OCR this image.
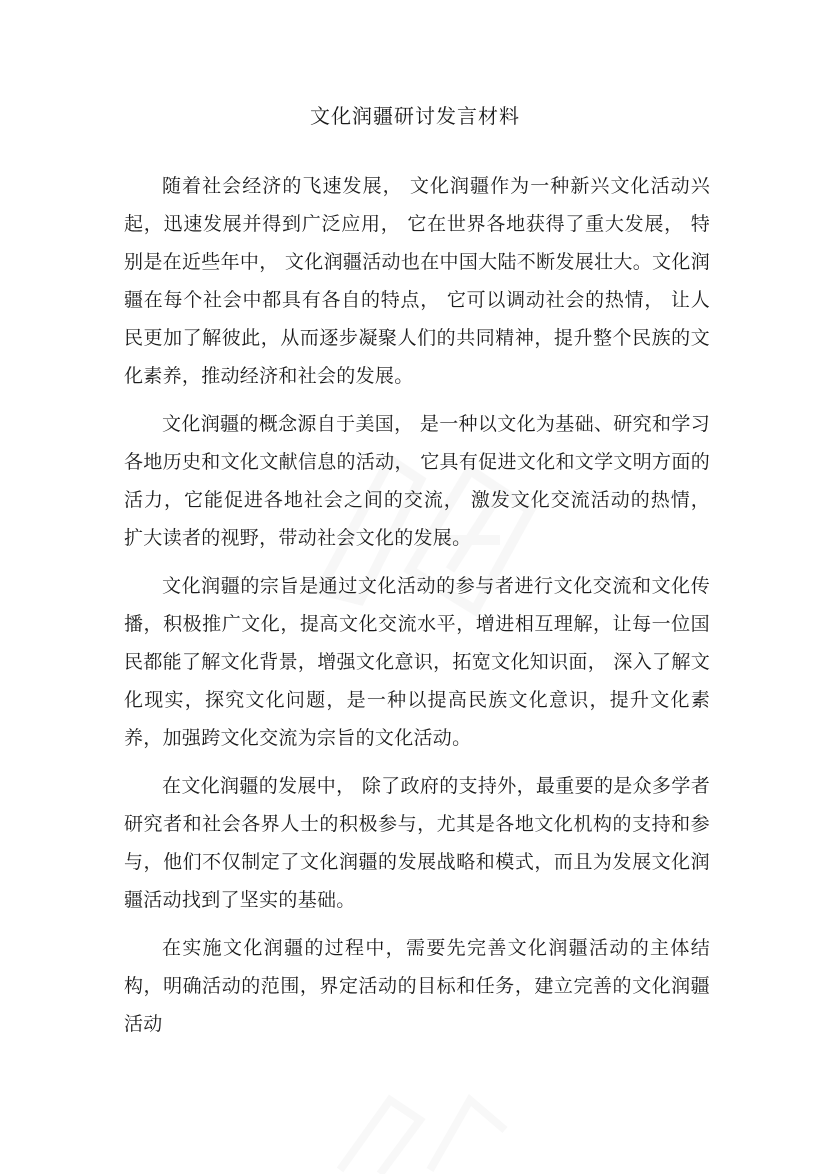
文化润疆研讨发言材料

随着社会经济的飞速发展， 文化润疆作为一种新兴文化活动兴起，迅速发展并得到广泛应用， 它在世界各地获得了重大发展， 特别是在近些年中， 文化润疆活动也在中国大陆不断发展壮大。文化润疆在每个社会中都具有各自的特点， 它可以调动社会的热情， 让人民更加了解彼此，从而逐步凝聚人们的共同精神，提升整个民族的文化素养，推动经济和社会的发展。

文化润疆的概念源自于美国， 是一种以文化为基础、研究和学习各地历史和文化文献信息的活动， 它具有促进文化和文学文明方面的活力，它能促进各地社会之间的交流， 激发文化交流活动的热情， 扩大读者的视野，带动社会文化的发展。

文化润疆的宗旨是通过文化活动的参与者进行文化交流和文化传播，积极推广文化，提高文化交流水平，增进相互理解，让每一位国民都能了解文化背景，增强文化意识，拓宽文化知识面， 深入了解文化现实，探究文化问题，是一种以提高民族文化意识，提升文化素养，加强跨文化交流为宗旨的文化活动。

在文化润疆的发展中， 除了政府的支持外，最重要的是众多学者研究者和社会各界人士的积极参与，尤其是各地文化机构的支持和参与，他们不仅制定了文化润疆的发展战略和模式，而且为发展文化润疆活动找到了坚实的基础。

在实施文化润疆的过程中，需要先完善文化润疆活动的主体结构，明确活动的范围，界定活动的目标和任务，建立完善的文化润疆活动
